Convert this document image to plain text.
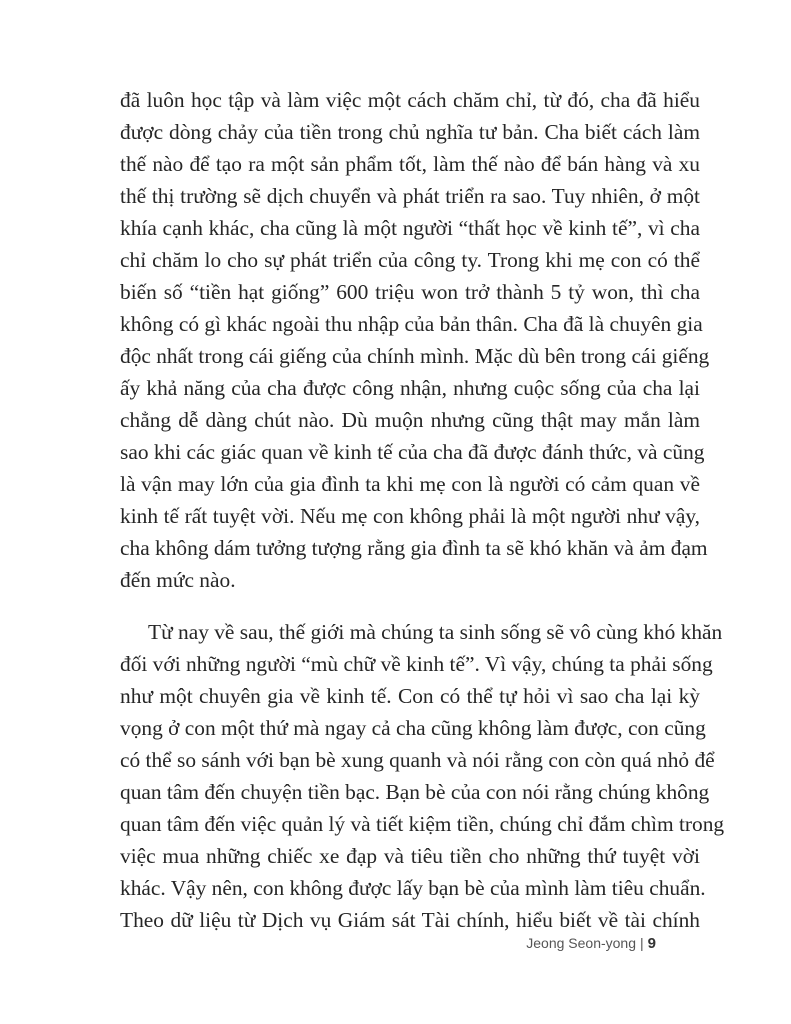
đã luôn học tập và làm việc một cách chăm chỉ, từ đó, cha đã hiểu
được dòng chảy của tiền trong chủ nghĩa tư bản. Cha biết cách làm
thế nào để tạo ra một sản phẩm tốt, làm thế nào để bán hàng và xu
thế thị trường sẽ dịch chuyển và phát triển ra sao. Tuy nhiên, ở một
khía cạnh khác, cha cũng là một người “thất học về kinh tế”, vì cha
chỉ chăm lo cho sự phát triển của công ty. Trong khi mẹ con có thể
biến số “tiền hạt giống” 600 triệu won trở thành 5 tỷ won, thì cha
không có gì khác ngoài thu nhập của bản thân. Cha đã là chuyên gia
độc nhất trong cái giếng của chính mình. Mặc dù bên trong cái giếng
ấy khả năng của cha được công nhận, nhưng cuộc sống của cha lại
chẳng dễ dàng chút nào. Dù muộn nhưng cũng thật may mắn làm
sao khi các giác quan về kinh tế của cha đã được đánh thức, và cũng
là vận may lớn của gia đình ta khi mẹ con là người có cảm quan về
kinh tế rất tuyệt vời. Nếu mẹ con không phải là một người như vậy,
cha không dám tưởng tượng rằng gia đình ta sẽ khó khăn và ảm đạm
đến mức nào.
Từ nay về sau, thế giới mà chúng ta sinh sống sẽ vô cùng khó khăn
đối với những người “mù chữ về kinh tế”. Vì vậy, chúng ta phải sống
như một chuyên gia về kinh tế. Con có thể tự hỏi vì sao cha lại kỳ
vọng ở con một thứ mà ngay cả cha cũng không làm được, con cũng
có thể so sánh với bạn bè xung quanh và nói rằng con còn quá nhỏ để
quan tâm đến chuyện tiền bạc. Bạn bè của con nói rằng chúng không
quan tâm đến việc quản lý và tiết kiệm tiền, chúng chỉ đắm chìm trong
việc mua những chiếc xe đạp và tiêu tiền cho những thứ tuyệt vời
khác. Vậy nên, con không được lấy bạn bè của mình làm tiêu chuẩn.
Theo dữ liệu từ Dịch vụ Giám sát Tài chính, hiểu biết về tài chính
Jeong Seon-yong | 9
